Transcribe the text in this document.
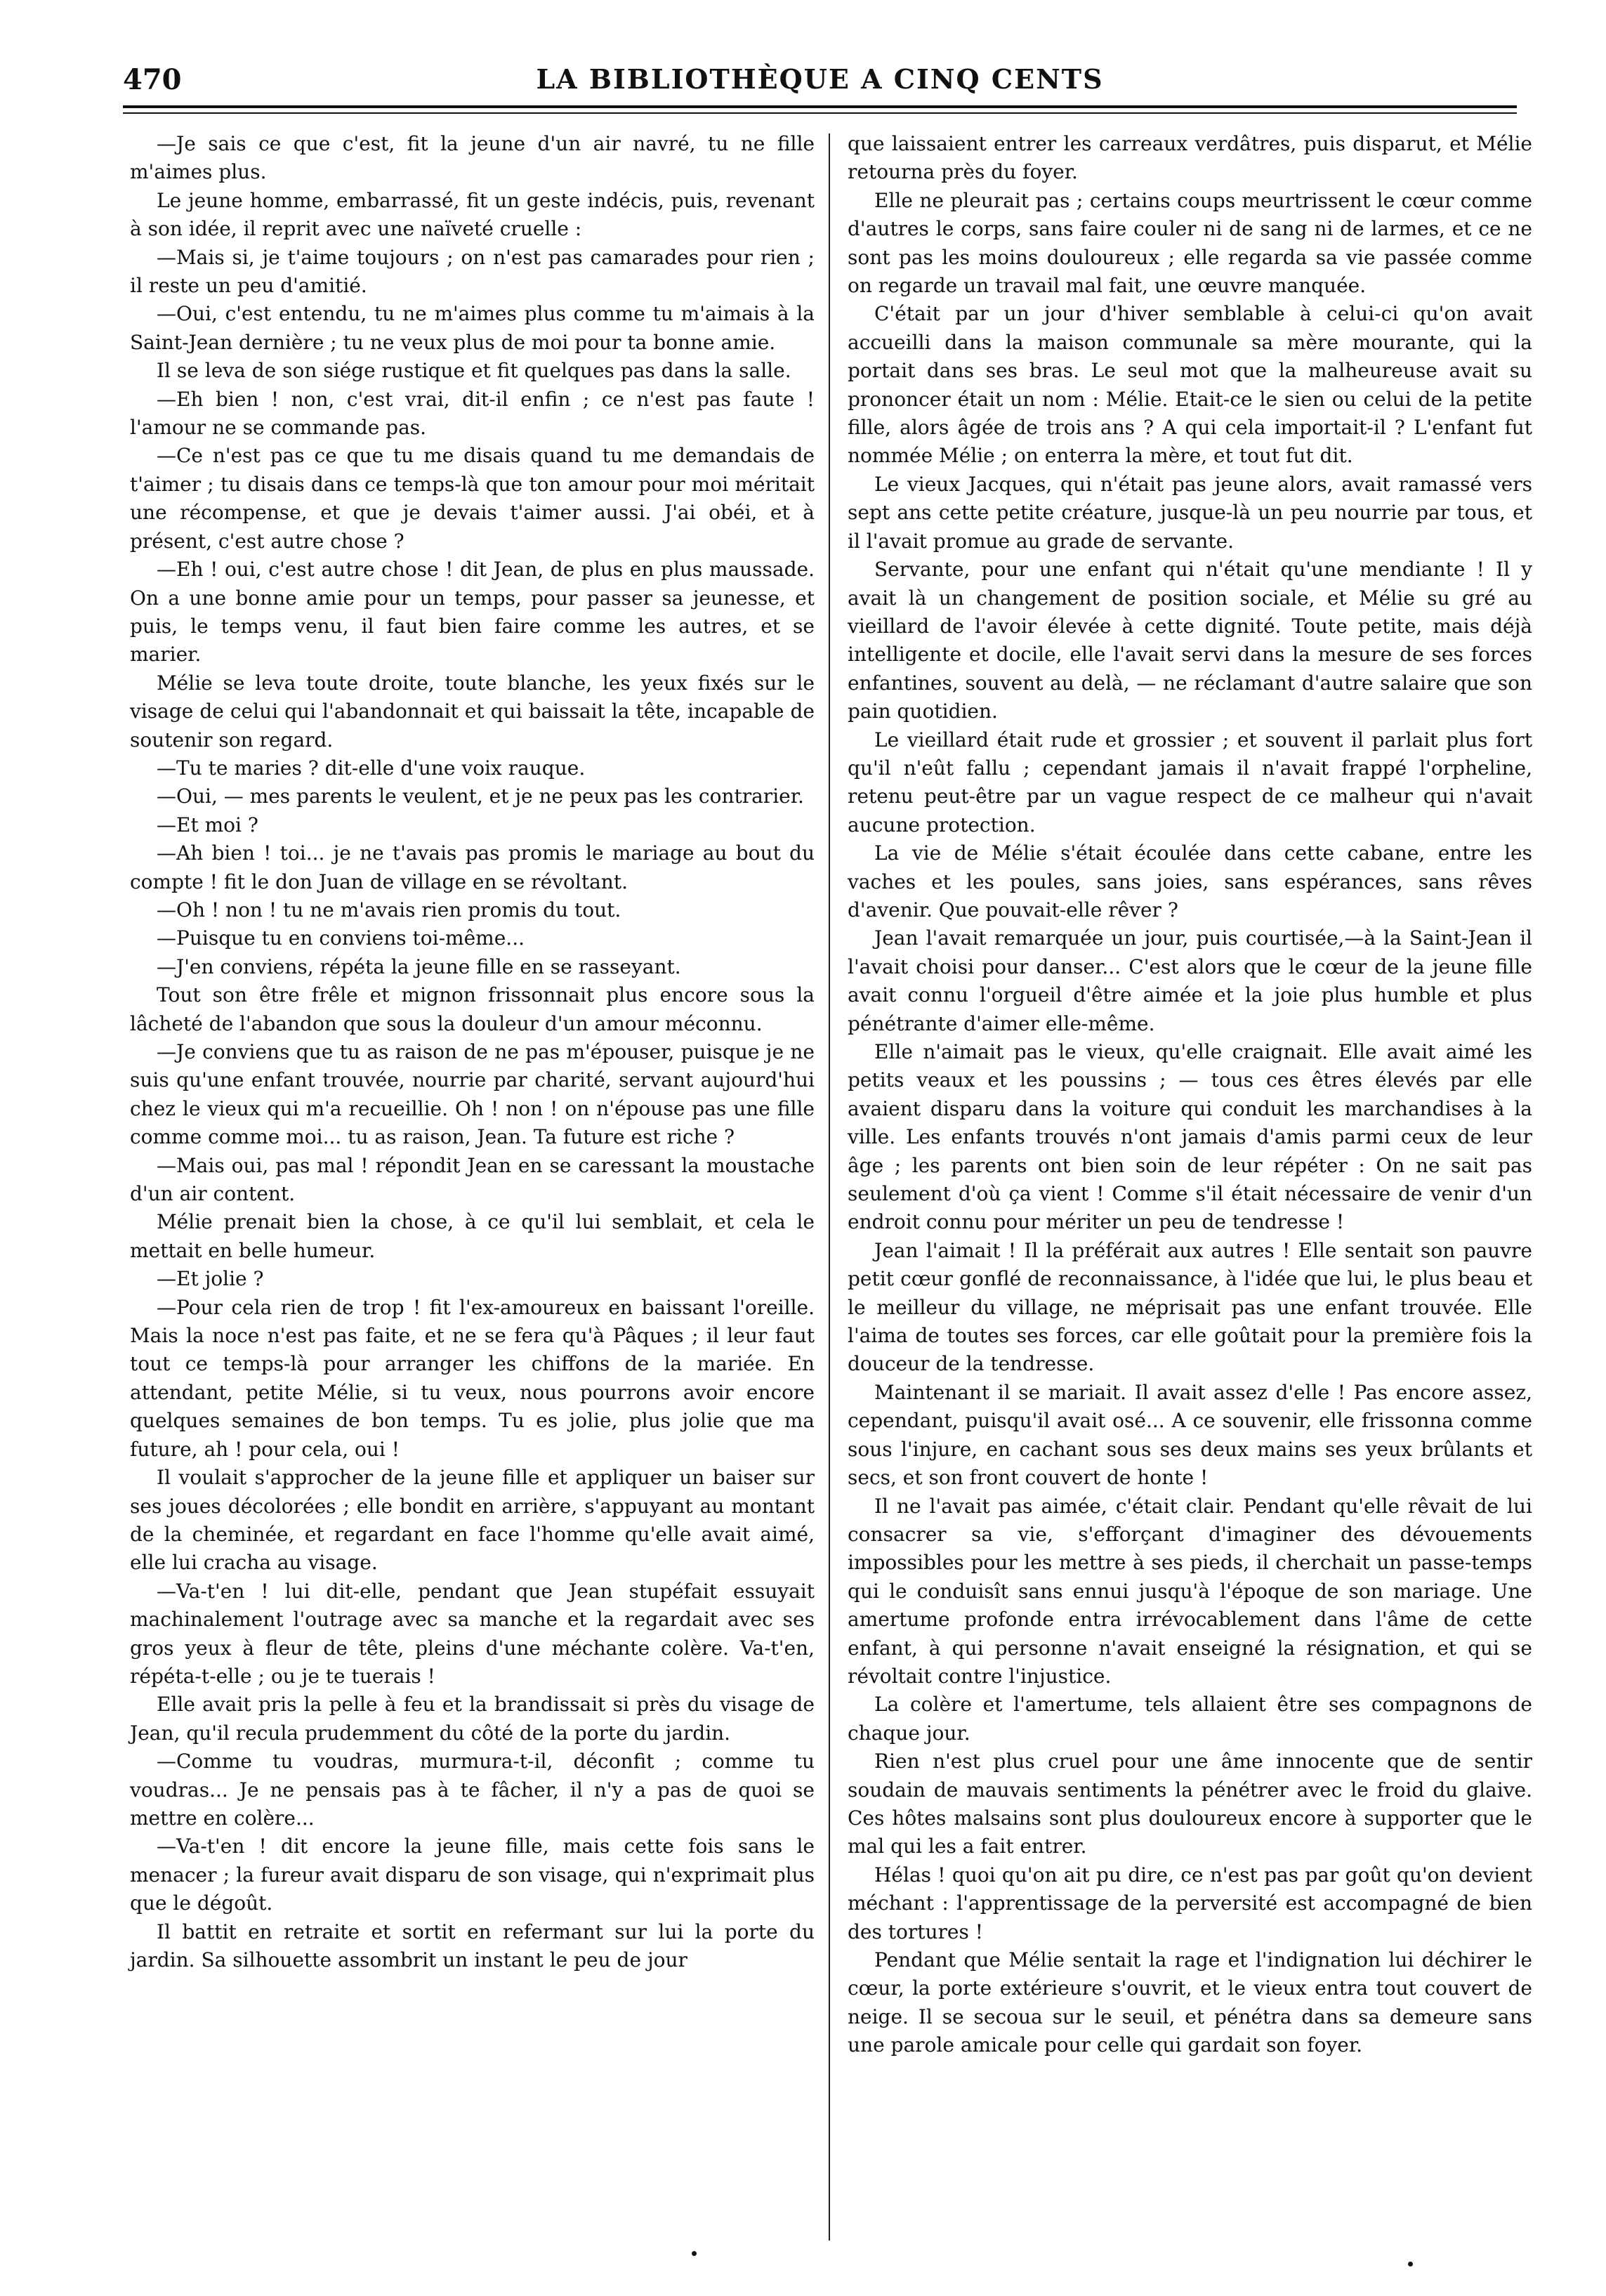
470	LA BIBLIOTHÈQUE A CINQ CENTS

—Je sais ce que c'est, fit la jeune d'un air navré, tu ne fille m'aimes plus.

Le jeune homme, embarrassé, fit un geste indécis, puis, revenant à son idée, il reprit avec une naïveté cruelle :

—Mais si, je t'aime toujours ; on n'est pas camarades pour rien ; il reste un peu d'amitié.

—Oui, c'est entendu, tu ne m'aimes plus comme tu m'aimais à la Saint-Jean dernière ; tu ne veux plus de moi pour ta bonne amie.

Il se leva de son siége rustique et fit quelques pas dans la salle.

—Eh bien ! non, c'est vrai, dit-il enfin ; ce n'est pas faute ! l'amour ne se commande pas.

—Ce n'est pas ce que tu me disais quand tu me demandais de t'aimer ; tu disais dans ce temps-là que ton amour pour moi méritait une récompense, et que je devais t'aimer aussi. J'ai obéi, et à présent, c'est autre chose ?

—Eh ! oui, c'est autre chose ! dit Jean, de plus en plus maussade. On a une bonne amie pour un temps, pour passer sa jeunesse, et puis, le temps venu, il faut bien faire comme les autres, et se marier.

Mélie se leva toute droite, toute blanche, les yeux fixés sur le visage de celui qui l'abandonnait et qui baissait la tête, incapable de soutenir son regard.

—Tu te maries ? dit-elle d'une voix rauque.

—Oui, — mes parents le veulent, et je ne peux pas les contrarier.

—Et moi ?

—Ah bien ! toi... je ne t'avais pas promis le mariage au bout du compte ! fit le don Juan de village en se révoltant.

—Oh ! non ! tu ne m'avais rien promis du tout.

—Puisque tu en conviens toi-même...

—J'en conviens, répéta la jeune fille en se rasseyant.

Tout son être frêle et mignon frissonnait plus encore sous la lâcheté de l'abandon que sous la douleur d'un amour méconnu.

—Je conviens que tu as raison de ne pas m'épouser, puisque je ne suis qu'une enfant trouvée, nourrie par charité, servant aujourd'hui chez le vieux qui m'a recueillie. Oh ! non ! on n'épouse pas une fille comme comme moi... tu as raison, Jean. Ta future est riche ?

—Mais oui, pas mal ! répondit Jean en se caressant la moustache d'un air content.

Mélie prenait bien la chose, à ce qu'il lui semblait, et cela le mettait en belle humeur.

—Et jolie ?

—Pour cela rien de trop ! fit l'ex-amoureux en baissant l'oreille. Mais la noce n'est pas faite, et ne se fera qu'à Pâques ; il leur faut tout ce temps-là pour arranger les chiffons de la mariée. En attendant, petite Mélie, si tu veux, nous pourrons avoir encore quelques semaines de bon temps. Tu es jolie, plus jolie que ma future, ah ! pour cela, oui !

Il voulait s'approcher de la jeune fille et appliquer un baiser sur ses joues décolorées ; elle bondit en arrière, s'appuyant au montant de la cheminée, et regardant en face l'homme qu'elle avait aimé, elle lui cracha au visage.

—Va-t'en ! lui dit-elle, pendant que Jean stupéfait essuyait machinalement l'outrage avec sa manche et la regardait avec ses gros yeux à fleur de tête, pleins d'une méchante colère. Va-t'en, répéta-t-elle ; ou je te tuerais !

Elle avait pris la pelle à feu et la brandissait si près du visage de Jean, qu'il recula prudemment du côté de la porte du jardin.

—Comme tu voudras, murmura-t-il, déconfit ; comme tu voudras... Je ne pensais pas à te fâcher, il n'y a pas de quoi se mettre en colère...

—Va-t'en ! dit encore la jeune fille, mais cette fois sans le menacer ; la fureur avait disparu de son visage, qui n'exprimait plus que le dégoût.

Il battit en retraite et sortit en refermant sur lui la porte du jardin. Sa silhouette assombrit un instant le peu de jour

que laissaient entrer les carreaux verdâtres, puis disparut, et Mélie retourna près du foyer.

Elle ne pleurait pas ; certains coups meurtrissent le cœur comme d'autres le corps, sans faire couler ni de sang ni de larmes, et ce ne sont pas les moins douloureux ; elle regarda sa vie passée comme on regarde un travail mal fait, une œuvre manquée.

C'était par un jour d'hiver semblable à celui-ci qu'on avait accueilli dans la maison communale sa mère mourante, qui la portait dans ses bras. Le seul mot que la malheureuse avait su prononcer était un nom : Mélie. Etait-ce le sien ou celui de la petite fille, alors âgée de trois ans ? A qui cela importait-il ? L'enfant fut nommée Mélie ; on enterra la mère, et tout fut dit.

Le vieux Jacques, qui n'était pas jeune alors, avait ramassé vers sept ans cette petite créature, jusque-là un peu nourrie par tous, et il l'avait promue au grade de servante.

Servante, pour une enfant qui n'était qu'une mendiante ! Il y avait là un changement de position sociale, et Mélie su gré au vieillard de l'avoir élevée à cette dignité. Toute petite, mais déjà intelligente et docile, elle l'avait servi dans la mesure de ses forces enfantines, souvent au delà, — ne réclamant d'autre salaire que son pain quotidien.

Le vieillard était rude et grossier ; et souvent il parlait plus fort qu'il n'eût fallu ; cependant jamais il n'avait frappé l'orpheline, retenu peut-être par un vague respect de ce malheur qui n'avait aucune protection.

La vie de Mélie s'était écoulée dans cette cabane, entre les vaches et les poules, sans joies, sans espérances, sans rêves d'avenir. Que pouvait-elle rêver ?

Jean l'avait remarquée un jour, puis courtisée,—à la Saint-Jean il l'avait choisi pour danser... C'est alors que le cœur de la jeune fille avait connu l'orgueil d'être aimée et la joie plus humble et plus pénétrante d'aimer elle-même.

Elle n'aimait pas le vieux, qu'elle craignait. Elle avait aimé les petits veaux et les poussins ; — tous ces êtres élevés par elle avaient disparu dans la voiture qui conduit les marchandises à la ville. Les enfants trouvés n'ont jamais d'amis parmi ceux de leur âge ; les parents ont bien soin de leur répéter : On ne sait pas seulement d'où ça vient ! Comme s'il était nécessaire de venir d'un endroit connu pour mériter un peu de tendresse !

Jean l'aimait ! Il la préférait aux autres ! Elle sentait son pauvre petit cœur gonflé de reconnaissance, à l'idée que lui, le plus beau et le meilleur du village, ne méprisait pas une enfant trouvée. Elle l'aima de toutes ses forces, car elle goûtait pour la première fois la douceur de la tendresse.

Maintenant il se mariait. Il avait assez d'elle ! Pas encore assez, cependant, puisqu'il avait osé... A ce souvenir, elle frissonna comme sous l'injure, en cachant sous ses deux mains ses yeux brûlants et secs, et son front couvert de honte !

Il ne l'avait pas aimée, c'était clair. Pendant qu'elle rêvait de lui consacrer sa vie, s'efforçant d'imaginer des dévouements impossibles pour les mettre à ses pieds, il cherchait un passe-temps qui le conduisît sans ennui jusqu'à l'époque de son mariage. Une amertume profonde entra irrévocablement dans l'âme de cette enfant, à qui personne n'avait enseigné la résignation, et qui se révoltait contre l'injustice.

La colère et l'amertume, tels allaient être ses compagnons de chaque jour.

Rien n'est plus cruel pour une âme innocente que de sentir soudain de mauvais sentiments la pénétrer avec le froid du glaive. Ces hôtes malsains sont plus douloureux encore à supporter que le mal qui les a fait entrer.

Hélas ! quoi qu'on ait pu dire, ce n'est pas par goût qu'on devient méchant : l'apprentissage de la perversité est accompagné de bien des tortures !

Pendant que Mélie sentait la rage et l'indignation lui déchirer le cœur, la porte extérieure s'ouvrit, et le vieux entra tout couvert de neige. Il se secoua sur le seuil, et pénétra dans sa demeure sans une parole amicale pour celle qui gardait son foyer.
